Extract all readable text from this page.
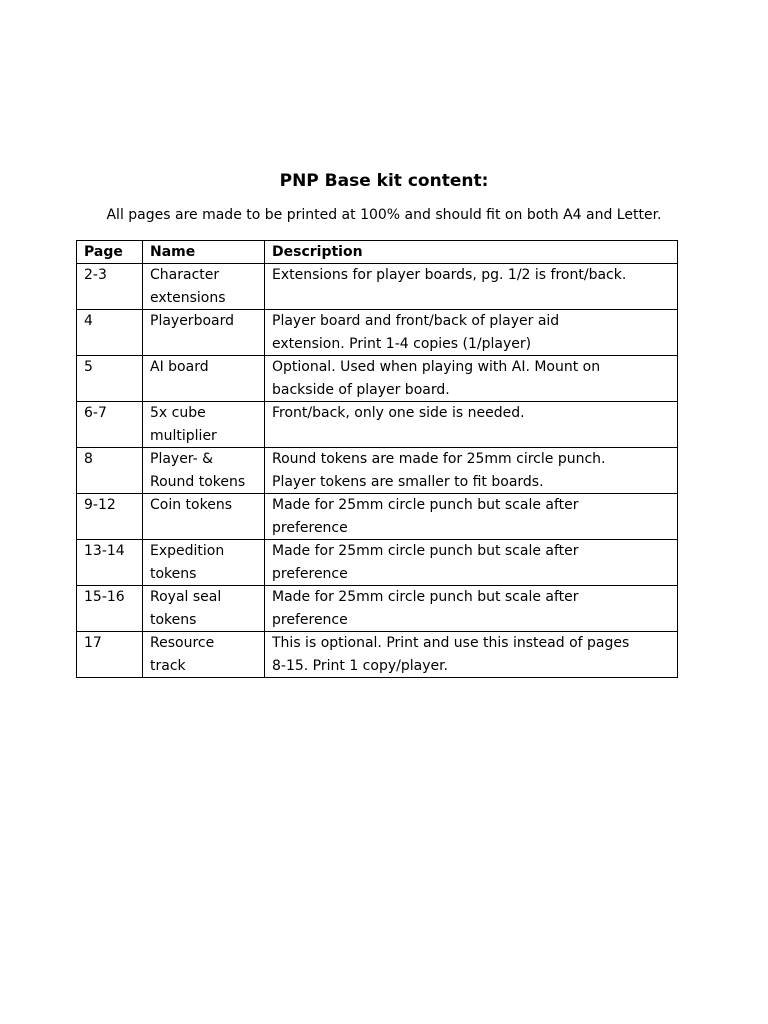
PNP Base kit content:
All pages are made to be printed at 100% and should fit on both A4 and Letter.
Page	Name	Description

2-3	Character
extensions	Extensions for player boards, pg. 1/2 is front/back.

4	Playerboard	Player board and front/back of player aid
extension. Print 1-4 copies (1/player)

5	AI board	Optional. Used when playing with AI. Mount on
backside of player board.

6-7	5x cube
multiplier	Front/back, only one side is needed.

8	Player- &
Round tokens	Round tokens are made for 25mm circle punch.
Player tokens are smaller to fit boards.

9-12	Coin tokens	Made for 25mm circle punch but scale after
preference

13-14	Expedition
tokens	Made for 25mm circle punch but scale after
preference

15-16	Royal seal
tokens	Made for 25mm circle punch but scale after
preference

17	Resource
track	This is optional. Print and use this instead of pages
8-15. Print 1 copy/player.
